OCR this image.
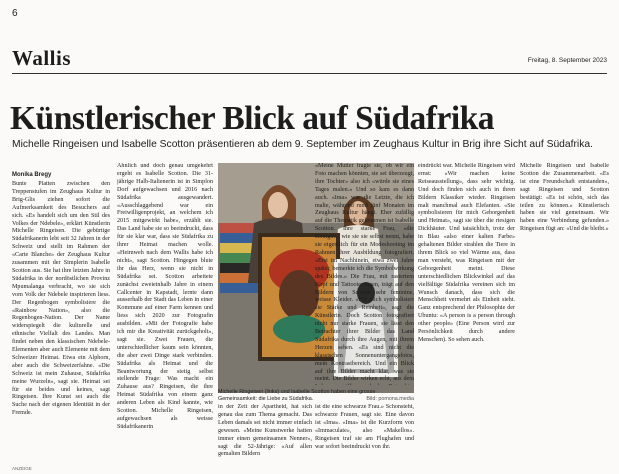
6
Wallis	Freitag, 8. September 2023
Künstlerischer Blick auf Südafrika
Michelle Ringeisen und Isabelle Scotton präsentieren ab dem 9. September im Zeughaus Kultur in Brig ihre Sicht auf Südafrika.
Monika Bregy

Bunte Platten zwischen den Treppenstufen im Zeughaus Kultur in Brig-Glis ziehen sofort die Aufmerksamkeit des Besuchers auf sich. «Es handelt sich um den Stil des Volkes der Ndebele», erklärt Künstlerin Michelle Ringeisen. Die gebürtige Südafrikanerin lebt seit 32 Jahren in der Schweiz und stellt im Rahmen der «Carte Blanche» der Zeughaus Kultur zusammen mit der Simplerin Isabelle Scotton aus. Sie hat ihre letzten Jahre in Südafrika in der nordöstlichen Provinz Mpumalanga verbracht, wo sie sich vom Volk der Ndebele inspirieren liess. Der Regenbogen symbolisiere die «Rainbow Nation», also die Regenbogen-Nation. Der Name widerspiegelt die kulturelle und ethnische Vielfalt des Landes. Man findet neben den klassischen Ndebele-Elementen aber auch Elemente mit dem Schweizer Heimat. Etwa ein Alphorn, aber auch die Schweizerfahne. «Die Schweiz ist mein Zuhause, Südafrika meine Wurzeln», sagt sie. Heimat sei für sie beides und keines, sagt Ringeisen. Ihre Kunst sei auch die Suche nach der eigenen Identität in der Fremde.

Ähnlich und doch genau umgekehrt ergeht es Isabelle Scotton. Die 31-jährige Halb-Italienerin ist in Simplon Dorf aufgewachsen und 2016 nach Südafrika ausgewandert. «Ausschlaggebend war ein Freiwilligenprojekt, an welchem ich 2015 mitgewirkt habe», erzählt sie. Das Land habe sie so beeindruckt, dass für sie klar war, dass sie Südafrika zu ihrer Heimat machen wolle. «Heimweh nach dem Wallis habe ich nicht», sagt Scotton. Hingegen blute ihr das Herz, wenn sie nicht in Südafrika sei. Scotton arbeitete zunächst zweieinhalb Jahre in einem Callcenter in Kapstadt, lernte dann ausserhalb der Stadt das Leben in einer Kommune auf einer Farm kennen und liess sich 2020 zur Fotografin ausbilden. «Mit der Fotografie habe ich mir die Kreativität zurückgeholt», sagt sie. Zwei Frauen, die unterschiedlicher kaum sein könnten, die aber zwei Dinge stark verbinden. Südafrika als Heimat und die Beantwortung der stetig selbst stellende Frage: Was macht ein Zuhause aus? Ringeisen, die ihre Heimat Südafrika von einem ganz anderen Leben als Kind kannte, wie Scotton. Michelle Ringeisen, aufgewachsen als weisse Südafrikanerin

Michelle Ringeisen (links) und Isabelle Scotton haben eine grosse Gemeinsamkeit: die Liebe zu Südafrika.	Bild: pomona.media

in der Zeit der Apartheid, hat sich genau das zum Thema gemacht. Das Leben damals sei nicht immer einfach gewesen. «Meine Kunstwerke hatten immer einen gemeinsamen Nenner», sagt die 52-Jährige: «Auf allen gemalten Bildern

ist die eine schwarze Frau.» Schonsteht, schwarze Frauen, sagt sie. Eine davon ist «Ima». «Ima» ist die Kurzform von «Immaculate», also «Makellos». Ringeisen traf sie am Flughafen und war sofort beeindruckt von ihr.

«Meine Mutter fragte sie, ob wir ein Foto machen könnten, sie sei überzeugt, ihre Tochter» also ich «würde sie eines Tages malen.» Und so kam es dann auch. «Ima» war die Letzte, die ich malte, während rund fünf Monaten im Zeughaus Kultur hängt. Eher zufällig auf die Thematik gekommen ist Isabelle Scotton. Ihre starke Frau, «die Königin», wie sie sie selbst nennt, habe sie eigentlich für ein Modeshooting im Rahmen ihrer Ausbildung fotografiert. «Erst im Nachhinein, etwa zwei Jahre später, bemerkte ich die Symbolwirkung des Bildes.» Die Frau, mit rasiertem Kopf und Tattooierungen, trägt auf den Bildern von Scotton sehr feminine, weisse Kleider. «Für mich symbolisiert sie Stärke und Reinheit», sagt die Künstlerin. Doch Scotton fotografiert nicht nur starke Frauen, sie lässt den Betrachter ihrer Bilder das Land Südafrika durch ihre Augen, mit ihrem Herzen sehen. «Es sind nicht die klassischen Sonnenuntergangsfotos, mein Kontrastbereich. Und ein Blick auf ihre Bilder macht klar, was sie meint. Die Bilder wirken echt, aus dem

eindrückt war. Michelle Ringeisen wird ernst: «Wir machen keine Reiseausstellung», dass sehr wichtig. Und doch finden sich auch in ihren Bildern Klassiker wieder. Ringeisen malt manchmal auch Elefanten. «Sie symbolisieren für mich Geborgenheit und Heimat», sagt sie über die riesigen Dickhäuter. Und tatsächlich, trotz der in Blau «also einer kalten Farbe» gehaltenen Bilder strahlen die Tiere in ihrem Blick so viel Wärme aus, dass man versteht, was Ringeisen mit der Geborgenheit meint. Diese unterschiedlichen Blickwinkel auf das vielfältige Südafrika vereinen sich im Wunsch danach, dass sich die Menschheit vermehrt als Einheit sieht. Ganz entsprechend der Philosophie der Ubuntu: «A person is a person through other people» (Eine Person wird zur Persönlichkeit durch andere Menschen). So sehen auch.

Michelle Ringeisen und Isabelle Scotton die Zusammenarbeit. «Es ist eine Freundschaft entstanden», sagt Ringeisen und Scotton bestätigt: «Es ist schön, sich das teilen zu können.» Künstlerisch haben sie viel gemeinsam. Wir haben eine Verbindung gefunden.» Ringeisen fügt an: «Und die bleibt.»

ANZEIGE
